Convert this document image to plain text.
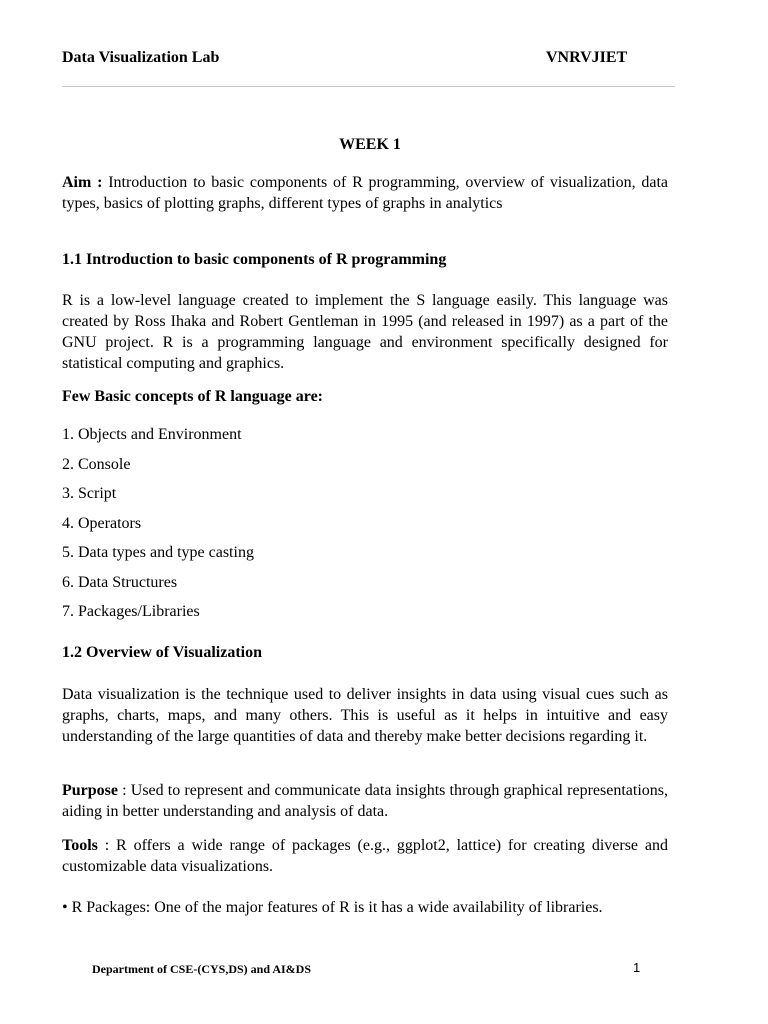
Data Visualization Lab	VNRVJIET
WEEK 1
Aim : Introduction to basic components of R programming, overview of visualization, data types, basics of plotting graphs, different types of graphs in analytics
1.1 Introduction to basic components of R programming
R is a low-level language created to implement the S language easily. This language was created by Ross Ihaka and Robert Gentleman in 1995 (and released in 1997) as a part of the GNU project. R is a programming language and environment specifically designed for statistical computing and graphics.
Few Basic concepts of R language are:
1. Objects and Environment
2. Console
3. Script
4. Operators
5. Data types and type casting
6. Data Structures
7. Packages/Libraries
1.2 Overview of Visualization
Data visualization is the technique used to deliver insights in data using visual cues such as graphs, charts, maps, and many others. This is useful as it helps in intuitive and easy understanding of the large quantities of data and thereby make better decisions regarding it.
Purpose : Used to represent and communicate data insights through graphical representations, aiding in better understanding and analysis of data.
Tools : R offers a wide range of packages (e.g., ggplot2, lattice) for creating diverse and customizable data visualizations.
• R Packages: One of the major features of R is it has a wide availability of libraries.
Department of CSE-(CYS,DS) and AI&DS	1
